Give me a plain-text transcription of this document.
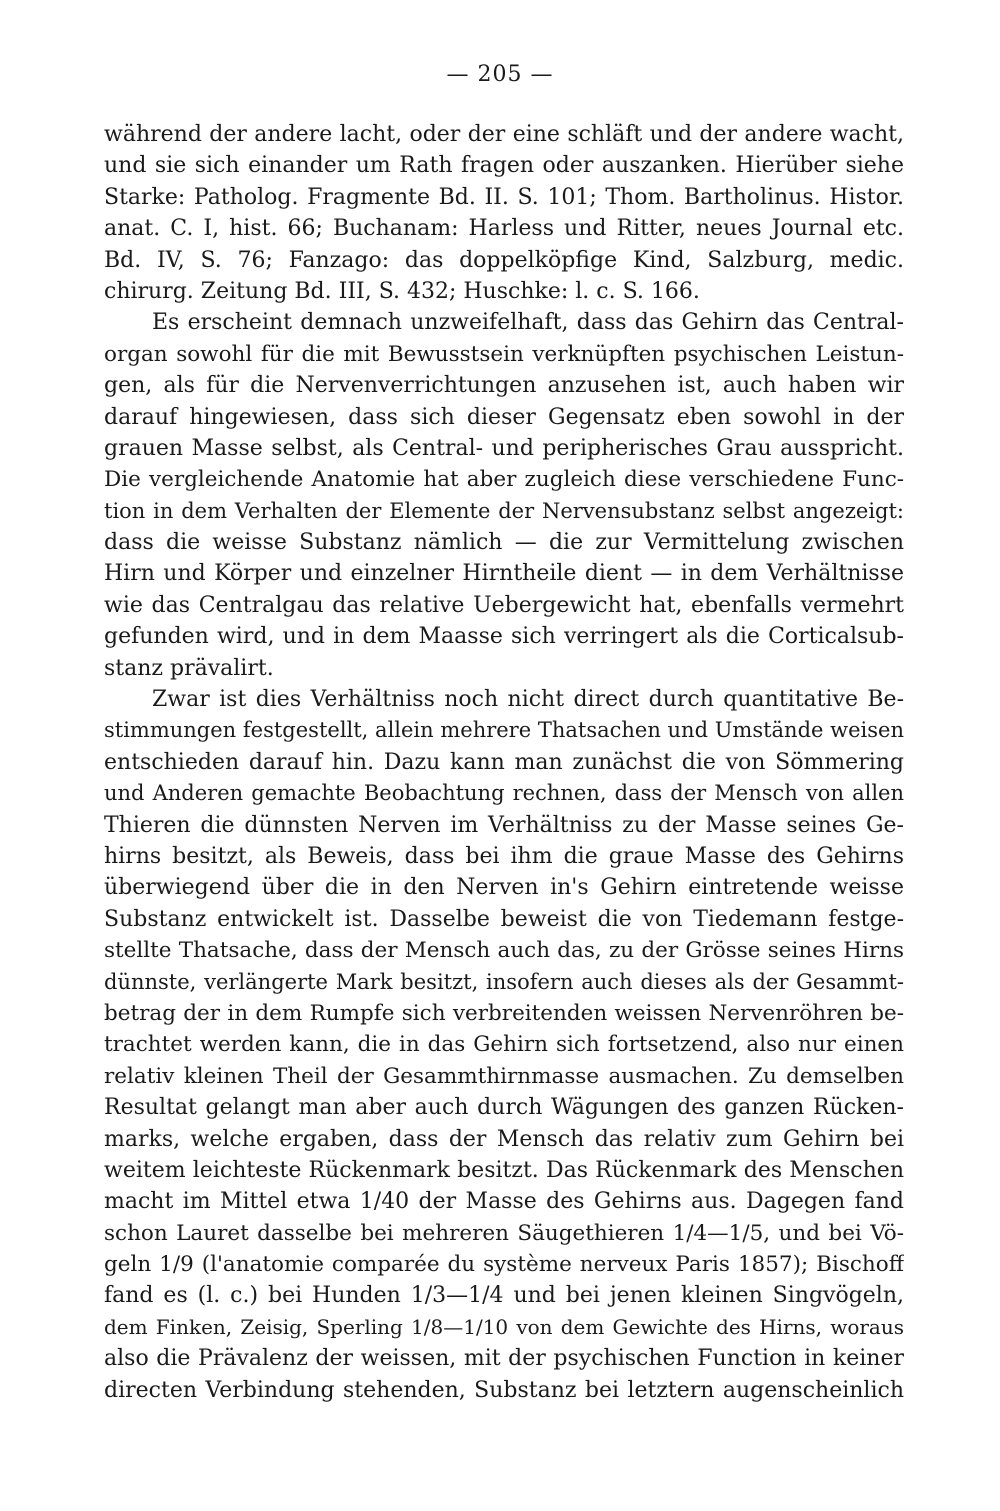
— 205 —
während der andere lacht, oder der eine schläft und der andere wacht,
und sie sich einander um Rath fragen oder auszanken. Hierüber siehe
Starke: Patholog. Fragmente Bd. II. S. 101; Thom. Bartholinus. Histor.
anat. C. I, hist. 66; Buchanam: Harless und Ritter, neues Journal etc.
Bd. IV, S. 76; Fanzago: das doppelköpfige Kind, Salzburg, medic.
chirurg. Zeitung Bd. III, S. 432; Huschke: l. c. S. 166.
Es erscheint demnach unzweifelhaft, dass das Gehirn das Central-
organ sowohl für die mit Bewusstsein verknüpften psychischen Leistun-
gen, als für die Nervenverrichtungen anzusehen ist, auch haben wir
darauf hingewiesen, dass sich dieser Gegensatz eben sowohl in der
grauen Masse selbst, als Central- und peripherisches Grau ausspricht.
Die vergleichende Anatomie hat aber zugleich diese verschiedene Func-
tion in dem Verhalten der Elemente der Nervensubstanz selbst angezeigt:
dass die weisse Substanz nämlich — die zur Vermittelung zwischen
Hirn und Körper und einzelner Hirntheile dient — in dem Verhältnisse
wie das Centralgau das relative Uebergewicht hat, ebenfalls vermehrt
gefunden wird, und in dem Maasse sich verringert als die Corticalsub-
stanz prävalirt.
Zwar ist dies Verhältniss noch nicht direct durch quantitative Be-
stimmungen festgestellt, allein mehrere Thatsachen und Umstände weisen
entschieden darauf hin. Dazu kann man zunächst die von Sömmering
und Anderen gemachte Beobachtung rechnen, dass der Mensch von allen
Thieren die dünnsten Nerven im Verhältniss zu der Masse seines Ge-
hirns besitzt, als Beweis, dass bei ihm die graue Masse des Gehirns
überwiegend über die in den Nerven in's Gehirn eintretende weisse
Substanz entwickelt ist. Dasselbe beweist die von Tiedemann festge-
stellte Thatsache, dass der Mensch auch das, zu der Grösse seines Hirns
dünnste, verlängerte Mark besitzt, insofern auch dieses als der Gesammt-
betrag der in dem Rumpfe sich verbreitenden weissen Nervenröhren be-
trachtet werden kann, die in das Gehirn sich fortsetzend, also nur einen
relativ kleinen Theil der Gesammthirnmasse ausmachen. Zu demselben
Resultat gelangt man aber auch durch Wägungen des ganzen Rücken-
marks, welche ergaben, dass der Mensch das relativ zum Gehirn bei
weitem leichteste Rückenmark besitzt. Das Rückenmark des Menschen
macht im Mittel etwa 1/40 der Masse des Gehirns aus. Dagegen fand
schon Lauret dasselbe bei mehreren Säugethieren 1/4—1/5, und bei Vö-
geln 1/9 (l'anatomie comparée du système nerveux Paris 1857); Bischoff
fand es (l. c.) bei Hunden 1/3—1/4 und bei jenen kleinen Singvögeln,
dem Finken, Zeisig, Sperling 1/8—1/10 von dem Gewichte des Hirns, woraus
also die Prävalenz der weissen, mit der psychischen Function in keiner
directen Verbindung stehenden, Substanz bei letztern augenscheinlich
